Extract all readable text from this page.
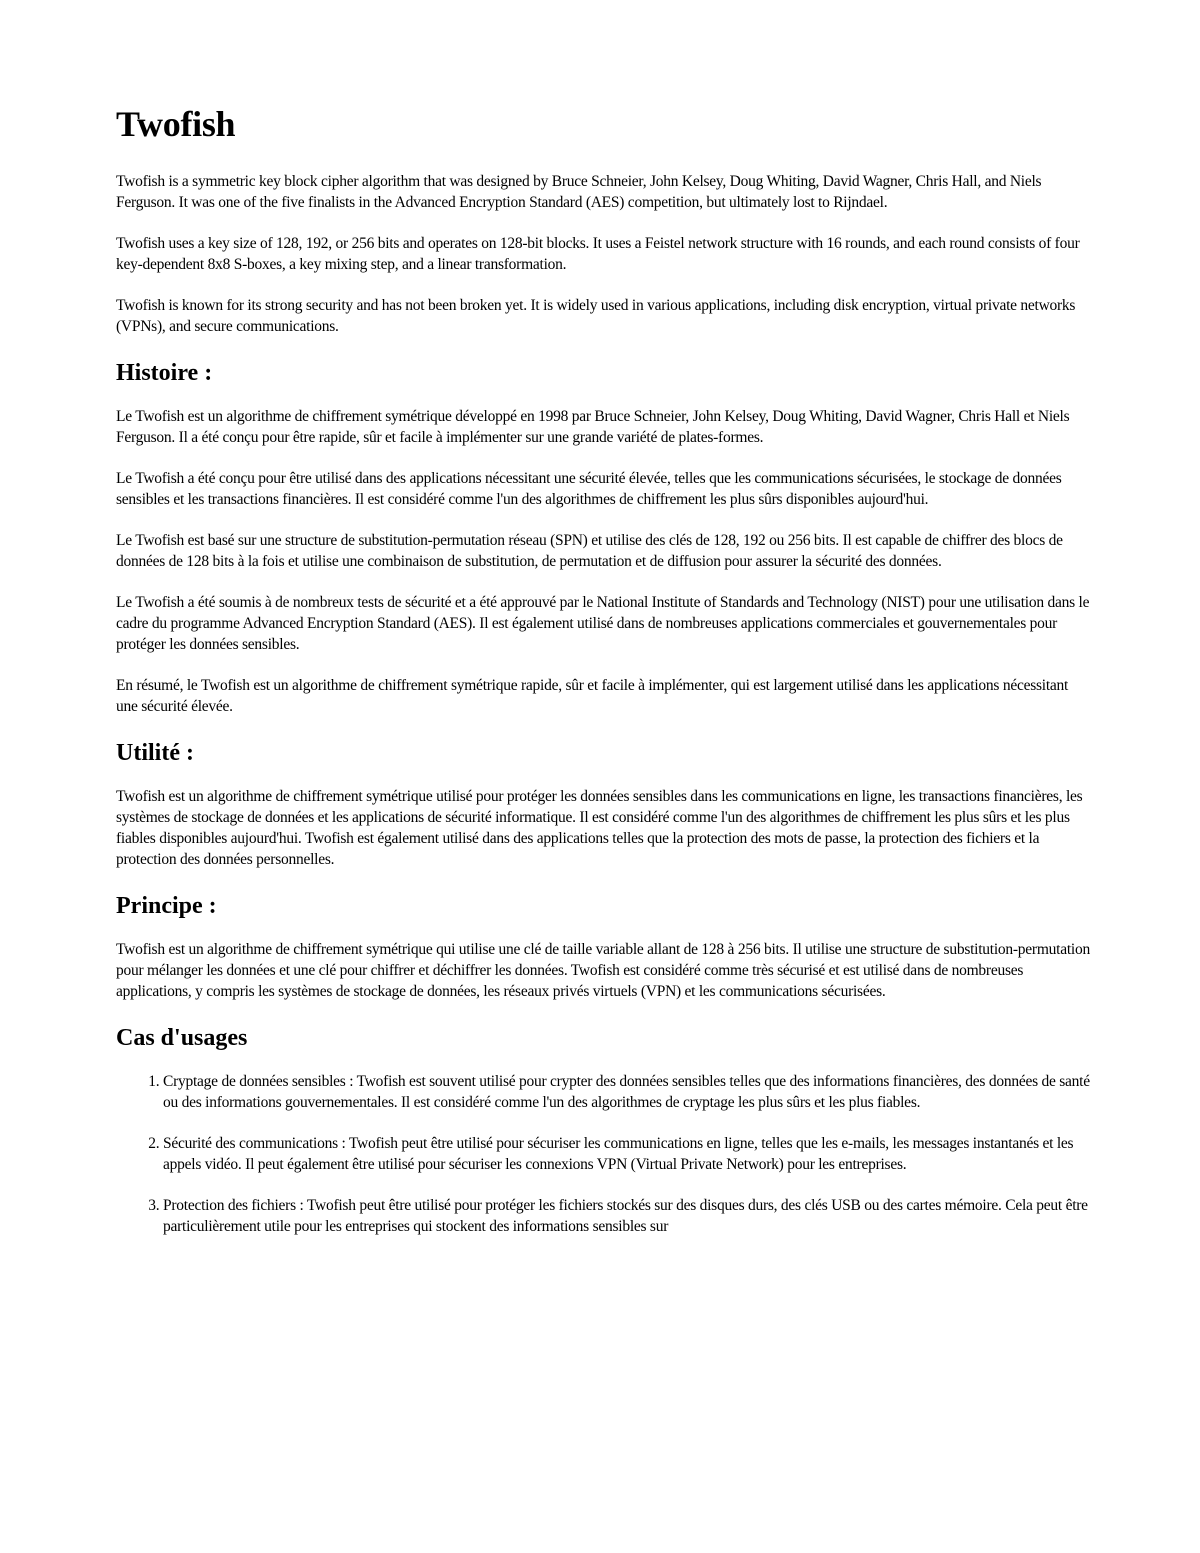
Twofish

Twofish is a symmetric key block cipher algorithm that was designed by Bruce Schneier, John Kelsey, Doug Whiting, David Wagner, Chris Hall, and Niels Ferguson. It was one of the five finalists in the Advanced Encryption Standard (AES) competition, but ultimately lost to Rijndael.

Twofish uses a key size of 128, 192, or 256 bits and operates on 128-bit blocks. It uses a Feistel network structure with 16 rounds, and each round consists of four key-dependent 8x8 S-boxes, a key mixing step, and a linear transformation.

Twofish is known for its strong security and has not been broken yet. It is widely used in various applications, including disk encryption, virtual private networks (VPNs), and secure communications.

Histoire :

Le Twofish est un algorithme de chiffrement symétrique développé en 1998 par Bruce Schneier, John Kelsey, Doug Whiting, David Wagner, Chris Hall et Niels Ferguson. Il a été conçu pour être rapide, sûr et facile à implémenter sur une grande variété de plates-formes.

Le Twofish a été conçu pour être utilisé dans des applications nécessitant une sécurité élevée, telles que les communications sécurisées, le stockage de données sensibles et les transactions financières. Il est considéré comme l'un des algorithmes de chiffrement les plus sûrs disponibles aujourd'hui.

Le Twofish est basé sur une structure de substitution-permutation réseau (SPN) et utilise des clés de 128, 192 ou 256 bits. Il est capable de chiffrer des blocs de données de 128 bits à la fois et utilise une combinaison de substitution, de permutation et de diffusion pour assurer la sécurité des données.

Le Twofish a été soumis à de nombreux tests de sécurité et a été approuvé par le National Institute of Standards and Technology (NIST) pour une utilisation dans le cadre du programme Advanced Encryption Standard (AES). Il est également utilisé dans de nombreuses applications commerciales et gouvernementales pour protéger les données sensibles.

En résumé, le Twofish est un algorithme de chiffrement symétrique rapide, sûr et facile à implémenter, qui est largement utilisé dans les applications nécessitant une sécurité élevée.

Utilité :

Twofish est un algorithme de chiffrement symétrique utilisé pour protéger les données sensibles dans les communications en ligne, les transactions financières, les systèmes de stockage de données et les applications de sécurité informatique. Il est considéré comme l'un des algorithmes de chiffrement les plus sûrs et les plus fiables disponibles aujourd'hui. Twofish est également utilisé dans des applications telles que la protection des mots de passe, la protection des fichiers et la protection des données personnelles.

Principe :

Twofish est un algorithme de chiffrement symétrique qui utilise une clé de taille variable allant de 128 à 256 bits. Il utilise une structure de substitution-permutation pour mélanger les données et une clé pour chiffrer et déchiffrer les données. Twofish est considéré comme très sécurisé et est utilisé dans de nombreuses applications, y compris les systèmes de stockage de données, les réseaux privés virtuels (VPN) et les communications sécurisées.

Cas d'usages
1. Cryptage de données sensibles : Twofish est souvent utilisé pour crypter des données sensibles telles que des informations financières, des données de santé ou des informations gouvernementales. Il est considéré comme l'un des algorithmes de cryptage les plus sûrs et les plus fiables.
2. Sécurité des communications : Twofish peut être utilisé pour sécuriser les communications en ligne, telles que les e-mails, les messages instantanés et les appels vidéo. Il peut également être utilisé pour sécuriser les connexions VPN (Virtual Private Network) pour les entreprises.
3. Protection des fichiers : Twofish peut être utilisé pour protéger les fichiers stockés sur des disques durs, des clés USB ou des cartes mémoire. Cela peut être particulièrement utile pour les entreprises qui stockent des informations sensibles sur
